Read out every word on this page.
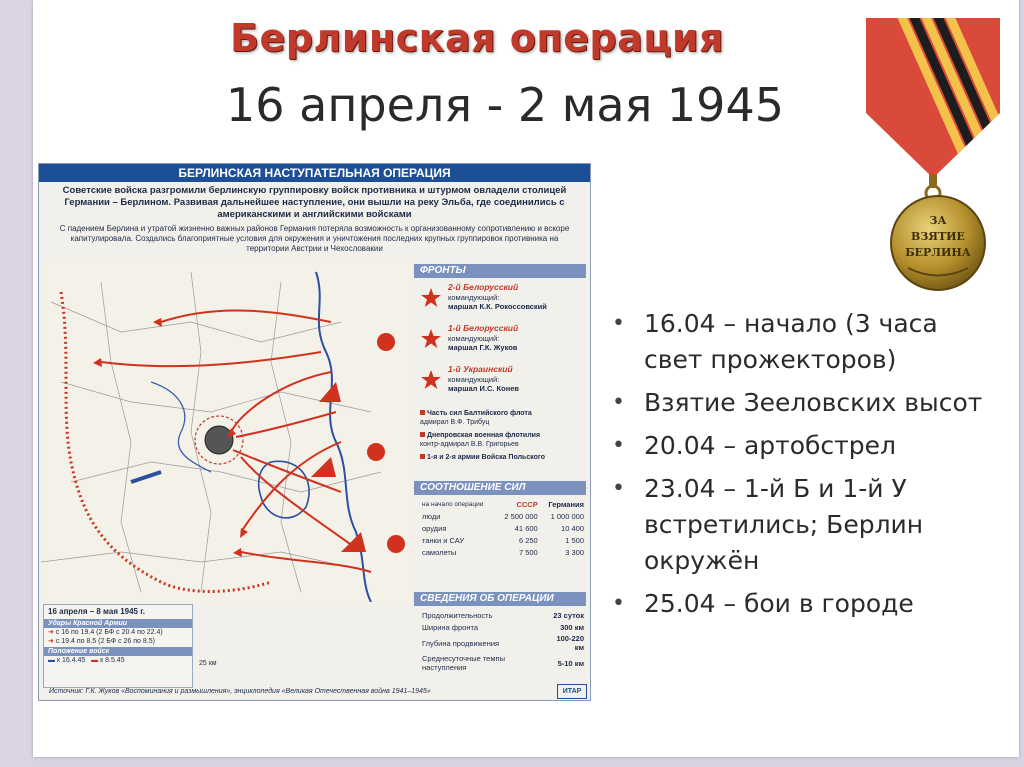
Берлинская операция
16 апреля - 2 мая 1945
БЕРЛИНСКАЯ НАСТУПАТЕЛЬНАЯ ОПЕРАЦИЯ
Советские войска разгромили берлинскую группировку войск противника и штурмом овладели столицей Германии – Берлином. Развивая дальнейшее наступление, они вышли на реку Эльба, где соединились с американскими и английскими войсками
С падением Берлина и утратой жизненно важных районов Германия потеряла возможность к организованному сопротивлению и вскоре капитулировала. Создались благоприятные условия для окружения и уничтожения последних крупных группировок противника на территории Австрии и Чехословакии
ФРОНТЫ
2-й Белорусский
командующий:
маршал К.К. Рокоссовский
1-й Белорусский
командующий:
маршал Г.К. Жуков
1-й Украинский
командующий:
маршал И.С. Конев
Часть сил Балтийского флота
адмирал В.Ф. Трибуц
Днепровская военная флотилия
контр-адмирал В.В. Григорьев
1-я и 2-я армии Войска Польского
СООТНОШЕНИЕ СИЛ
на начало операции	СССР	Германия
люди	2 500 000	1 000 000
орудия	41 600	10 400
танки и САУ	6 250	1 500
самолеты	7 500	3 300
СВЕДЕНИЯ ОБ ОПЕРАЦИИ
Продолжительность	23 суток
Ширина фронта	300 км
Глубина продвижения	100-220 км
Среднесуточные темпы наступления	5-10 км
16 апреля – 8 мая 1945 г.
Удары Красной Армии
➜ с 16 по 19.4 (2 БФ с 20.4 по 22.4)
➜ с 19.4 по 8.5 (2 БФ с 26 по 8.5)
Положение войск
▬ к 16.4.45 ▬ к 8.5.45	25 км
Источник: Г.К. Жуков «Воспоминания и размышления», энциклопедия «Великая Отечественная война 1941–1945»	ИТАР
ЗА
ВЗЯТИЕ
БЕРЛИНА
• 16.04 – начало (3 часа свет прожекторов)
• Взятие Зееловских высот
• 20.04 – артобстрел
• 23.04 – 1-й Б и 1-й У встретились; Берлин окружён
• 25.04 – бои в городе
